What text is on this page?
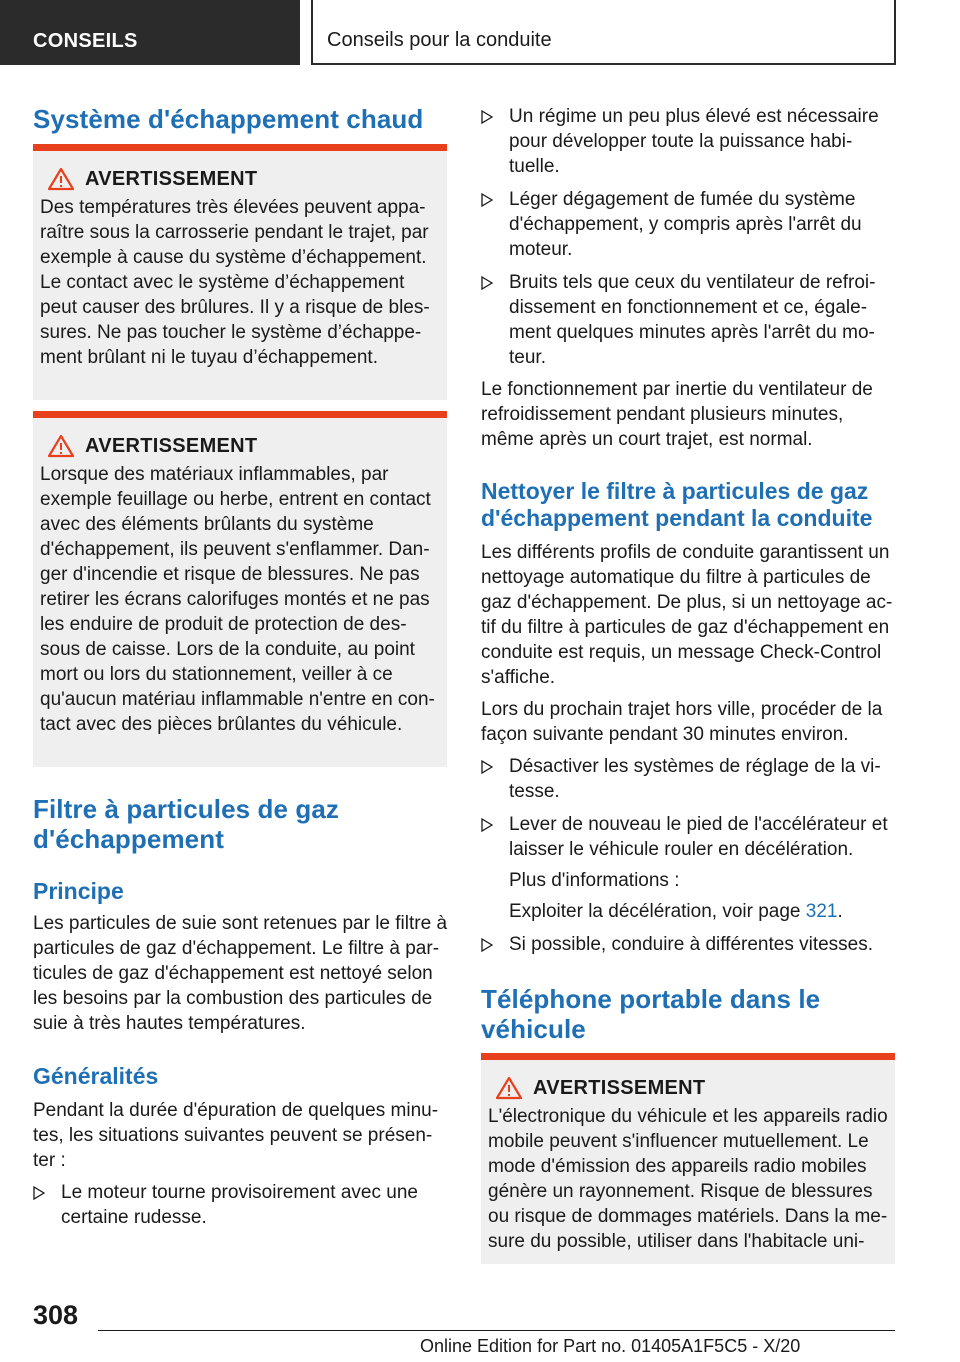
CONSEILS	Conseils pour la conduite
Système d'échappement chaud
AVERTISSEMENT

Des températures très élevées peuvent appa‐

raître sous la carrosserie pendant le trajet, par

exemple à cause du système d’échappement.

Le contact avec le système d’échappement

peut causer des brûlures. Il y a risque de bles‐

sures. Ne pas toucher le système d’échappe‐

ment brûlant ni le tuyau d’échappement.

AVERTISSEMENT

Lorsque des matériaux inflammables, par

exemple feuillage ou herbe, entrent en contact

avec des éléments brûlants du système

d'échappement, ils peuvent s'enflammer. Dan‐

ger d'incendie et risque de blessures. Ne pas

retirer les écrans calorifuges montés et ne pas

les enduire de produit de protection de des‐

sous de caisse. Lors de la conduite, au point

mort ou lors du stationnement, veiller à ce

qu'aucun matériau inflammable n'entre en con‐

tact avec des pièces brûlantes du véhicule.

Filtre à particules de gaz
d'échappement
Principe

Les particules de suie sont retenues par le filtre à

particules de gaz d'échappement. Le filtre à par‐

ticules de gaz d'échappement est nettoyé selon

les besoins par la combustion des particules de

suie à très hautes températures.

Généralités

Pendant la durée d'épuration de quelques minu‐

tes, les situations suivantes peuvent se présen‐

ter :

Le moteur tourne provisoirement avec une

certaine rudesse.

Un régime un peu plus élevé est nécessaire

pour développer toute la puissance habi‐

tuelle.

Léger dégagement de fumée du système

d'échappement, y compris après l'arrêt du

moteur.

Bruits tels que ceux du ventilateur de refroi‐

dissement en fonctionnement et ce, égale‐

ment quelques minutes après l'arrêt du mo‐

teur.

Le fonctionnement par inertie du ventilateur de

refroidissement pendant plusieurs minutes,

même après un court trajet, est normal.

Nettoyer le filtre à particules de gaz
d'échappement pendant la conduite

Les différents profils de conduite garantissent un

nettoyage automatique du filtre à particules de

gaz d'échappement. De plus, si un nettoyage ac‐

tif du filtre à particules de gaz d'échappement en

conduite est requis, un message Check-Control

s'affiche.

Lors du prochain trajet hors ville, procéder de la

façon suivante pendant 30 minutes environ.

Désactiver les systèmes de réglage de la vi‐

tesse.

Lever de nouveau le pied de l'accélérateur et

laisser le véhicule rouler en décélération.

Plus d'informations :

Exploiter la décélération, voir page 321.

Si possible, conduire à différentes vitesses.

Téléphone portable dans le
véhicule
AVERTISSEMENT

L'électronique du véhicule et les appareils radio

mobile peuvent s'influencer mutuellement. Le

mode d'émission des appareils radio mobiles

génère un rayonnement. Risque de blessures

ou risque de dommages matériels. Dans la me‐

sure du possible, utiliser dans l'habitacle uni‐

308
Online Edition for Part no. 01405A1F5C5 - X/20
